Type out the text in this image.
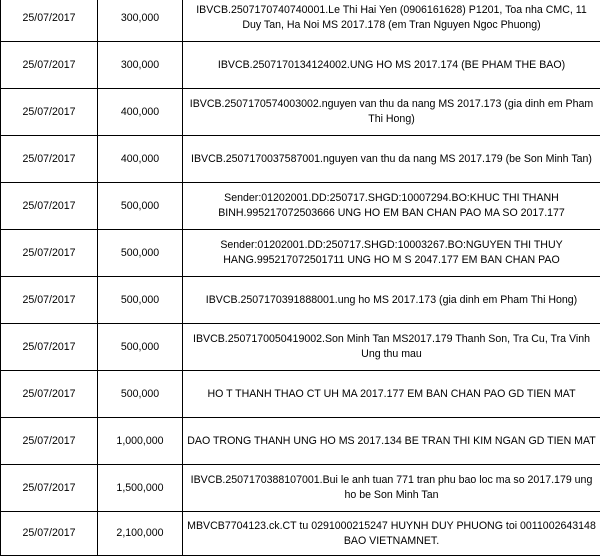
25/07/2017	300,000	IBVCB.2507170740740001.Le Thi Hai Yen (0906161628) P1201, Toa nha CMC, 11 Duy Tan, Ha Noi MS 2017.178 (em Tran Nguyen Ngoc Phuong)
25/07/2017	300,000	IBVCB.2507170134124002.UNG HO MS 2017.174 (BE PHAM THE BAO)
25/07/2017	400,000	IBVCB.2507170574003002.nguyen van thu da nang MS 2017.173 (gia dinh em Pham Thi Hong)
25/07/2017	400,000	IBVCB.2507170037587001.nguyen van thu da nang MS 2017.179 (be Son Minh Tan)
25/07/2017	500,000	Sender:01202001.DD:250717.SHGD:10007294.BO:KHUC THI THANH BINH.995217072503666 UNG HO EM BAN CHAN PAO MA SO 2017.177
25/07/2017	500,000	Sender:01202001.DD:250717.SHGD:10003267.BO:NGUYEN THI THUY HANG.995217072501711 UNG HO M S 2047.177 EM BAN CHAN PAO
25/07/2017	500,000	IBVCB.2507170391888001.ung ho MS 2017.173 (gia dinh em Pham Thi Hong)
25/07/2017	500,000	IBVCB.2507170050419002.Son Minh Tan MS2017.179 Thanh Son, Tra Cu, Tra Vinh Ung thu mau
25/07/2017	500,000	HO T THANH THAO CT UH MA 2017.177 EM BAN CHAN PAO GD TIEN MAT
25/07/2017	1,000,000	DAO TRONG THANH UNG HO MS 2017.134 BE TRAN THI KIM NGAN GD TIEN MAT
25/07/2017	1,500,000	IBVCB.2507170388107001.Bui le anh tuan 771 tran phu bao loc ma so 2017.179 ung ho be Son Minh Tan
25/07/2017	2,100,000	MBVCB7704123.ck.CT tu 0291000215247 HUYNH DUY PHUONG toi 0011002643148 BAO VIETNAMNET.
